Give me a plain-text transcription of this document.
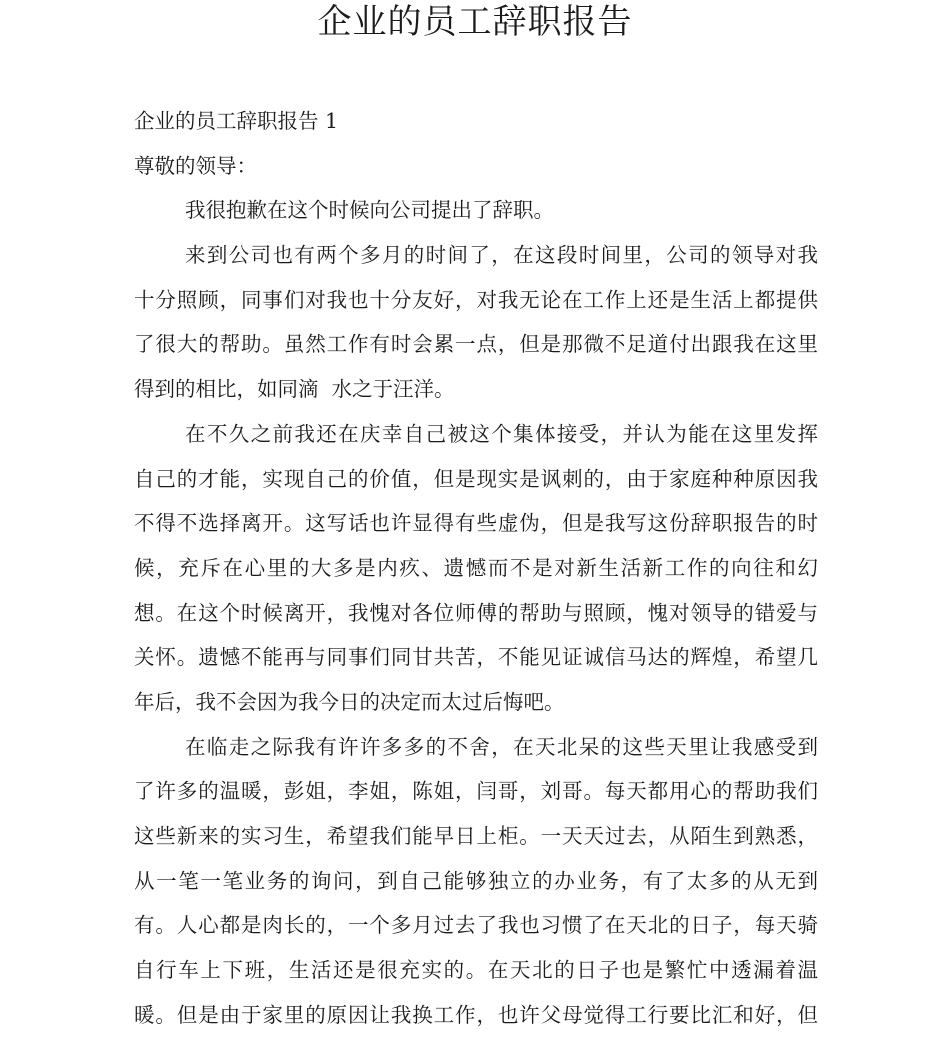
企业的员工辞职报告
企业的员工辞职报告 1
尊敬的领导：
我很抱歉在这个时候向公司提出了辞职。
来到公司也有两个多月的时间了，在这段时间里，公司的领导对我
十分照顾，同事们对我也十分友好，对我无论在工作上还是生活上都提供
了很大的帮助。虽然工作有时会累一点，但是那微不足道付出跟我在这里
得到的相比，如同滴  水之于汪洋。
在不久之前我还在庆幸自己被这个集体接受，并认为能在这里发挥
自己的才能，实现自己的价值，但是现实是讽刺的，由于家庭种种原因我
不得不选择离开。这写话也许显得有些虚伪，但是我写这份辞职报告的时
候，充斥在心里的大多是内疚、遗憾而不是对新生活新工作的向往和幻
想。在这个时候离开，我愧对各位师傅的帮助与照顾，愧对领导的错爱与
关怀。遗憾不能再与同事们同甘共苦，不能见证诚信马达的辉煌，希望几
年后，我不会因为我今日的决定而太过后悔吧。
在临走之际我有许许多多的不舍，在天北呆的这些天里让我感受到
了许多的温暖，彭姐，李姐，陈姐，闫哥，刘哥。每天都用心的帮助我们
这些新来的实习生，希望我们能早日上柜。一天天过去，从陌生到熟悉，
从一笔一笔业务的询问，到自己能够独立的办业务，有了太多的从无到
有。人心都是肉长的，一个多月过去了我也习惯了在天北的日子，每天骑
自行车上下班，生活还是很充实的。在天北的日子也是繁忙中透漏着温
暖。但是由于家里的原因让我换工作，也许父母觉得工行要比汇和好，但
